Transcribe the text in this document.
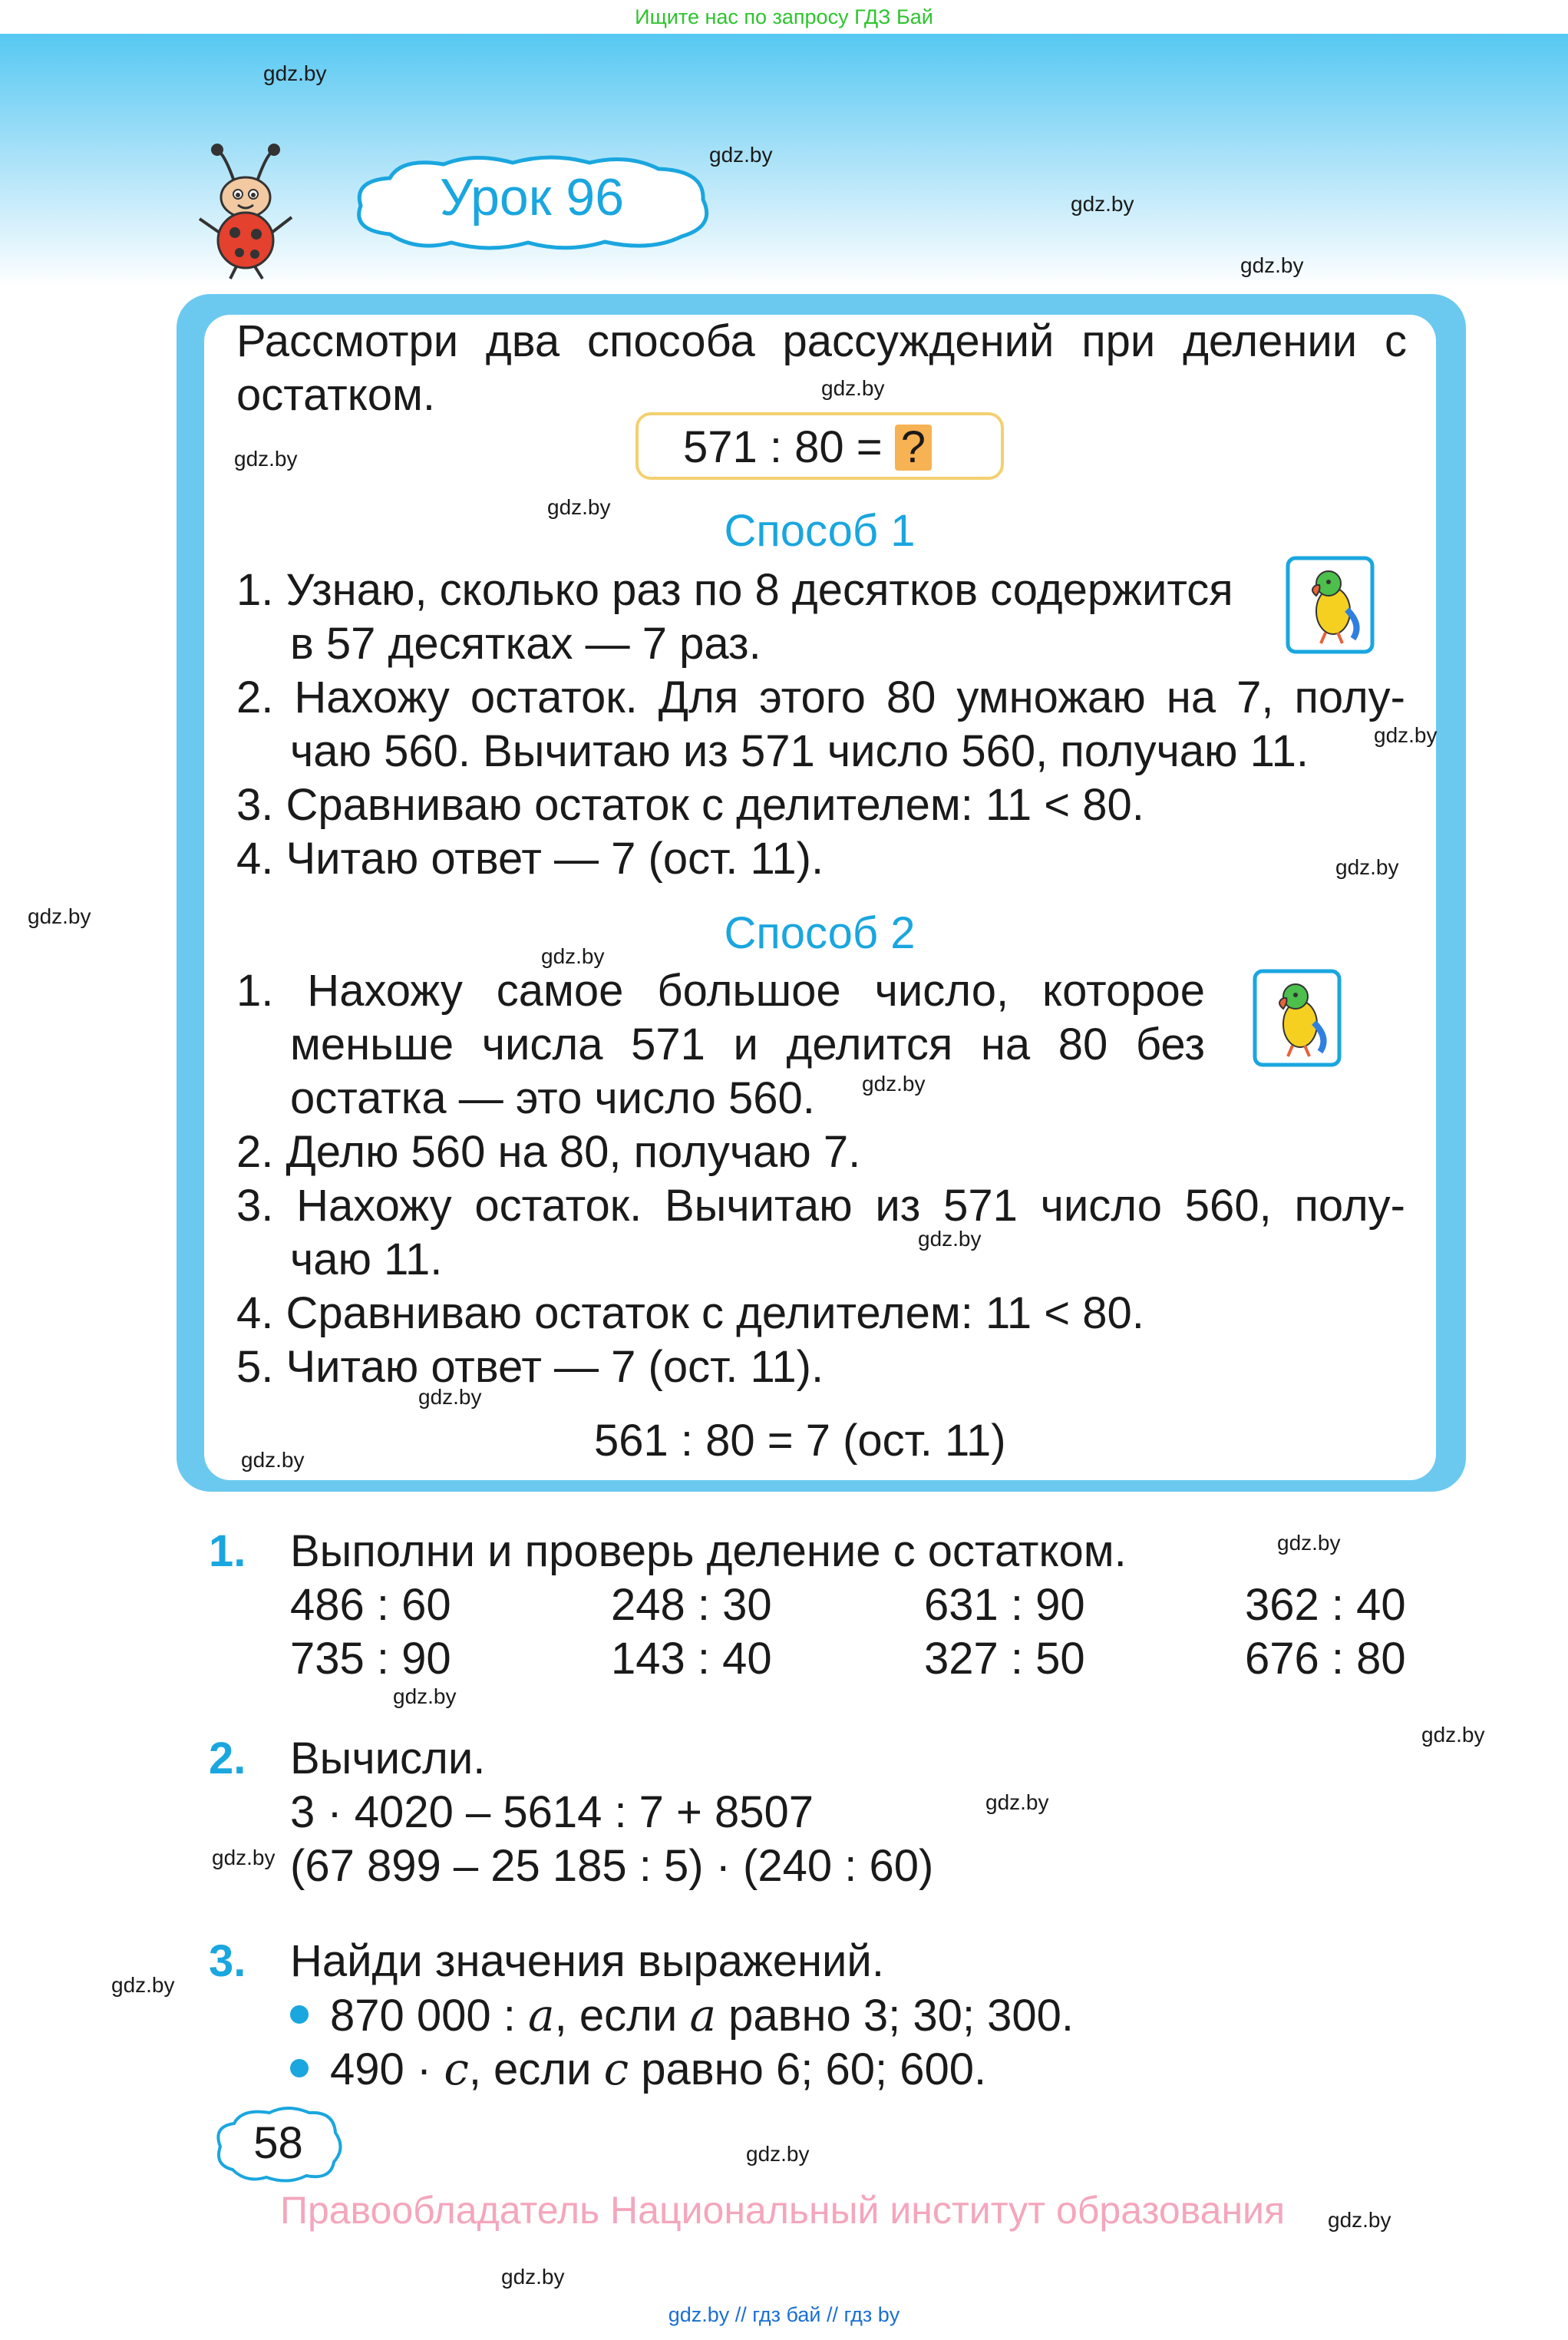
Ищите нас по запросу ГДЗ Бай
Урок 96
gdz.by
gdz.by
gdz.by
gdz.by
Рассмотри два способа рассуждений при делении с
остатком.	gdz.by
gdz.by	571 : 80 = ?
gdz.by	Способ 1
1. Узнаю, сколько раз по 8 десятков содержится
в 57 десятках — 7 раз.
2. Нахожу остаток. Для этого 80 умножаю на 7, полу-
чаю 560. Вычитаю из 571 число 560, получаю 11.	gdz.by
3. Сравниваю остаток с делителем: 11 < 80.
4. Читаю ответ — 7 (ост. 11).	gdz.by
gdz.by	Способ 2
gdz.by
1. Нахожу самое большое число, которое
меньше числа 571 и делится на 80 без
остатка — это число 560. gdz.by
2. Делю 560 на 80, получаю 7.
3. Нахожу остаток. Вычитаю из 571 число 560, полу-
чаю 11.	gdz.by
4. Сравниваю остаток с делителем: 11 < 80.
5. Читаю ответ — 7 (ост. 11).
gdz.by
561 : 80 = 7 (ост. 11)
gdz.by
1. Выполни и проверь деление с остатком.	gdz.by
486 : 60	248 : 30	631 : 90	362 : 40
735 : 90	143 : 40	327 : 50	676 : 80
gdz.by
gdz.by
2. Вычисли.
3 · 4020 – 5614 : 7 + 8507	gdz.by
gdz.by (67 899 – 25 185 : 5) · (240 : 60)
3. Найди значения выражений.
gdz.by
870 000 : a, если a равно 3; 30; 300.
490 · c, если c равно 6; 60; 600.
58	gdz.by
Правообладатель Национальный институт образования gdz.by
gdz.by
gdz.by // гдз бай // гдз by
